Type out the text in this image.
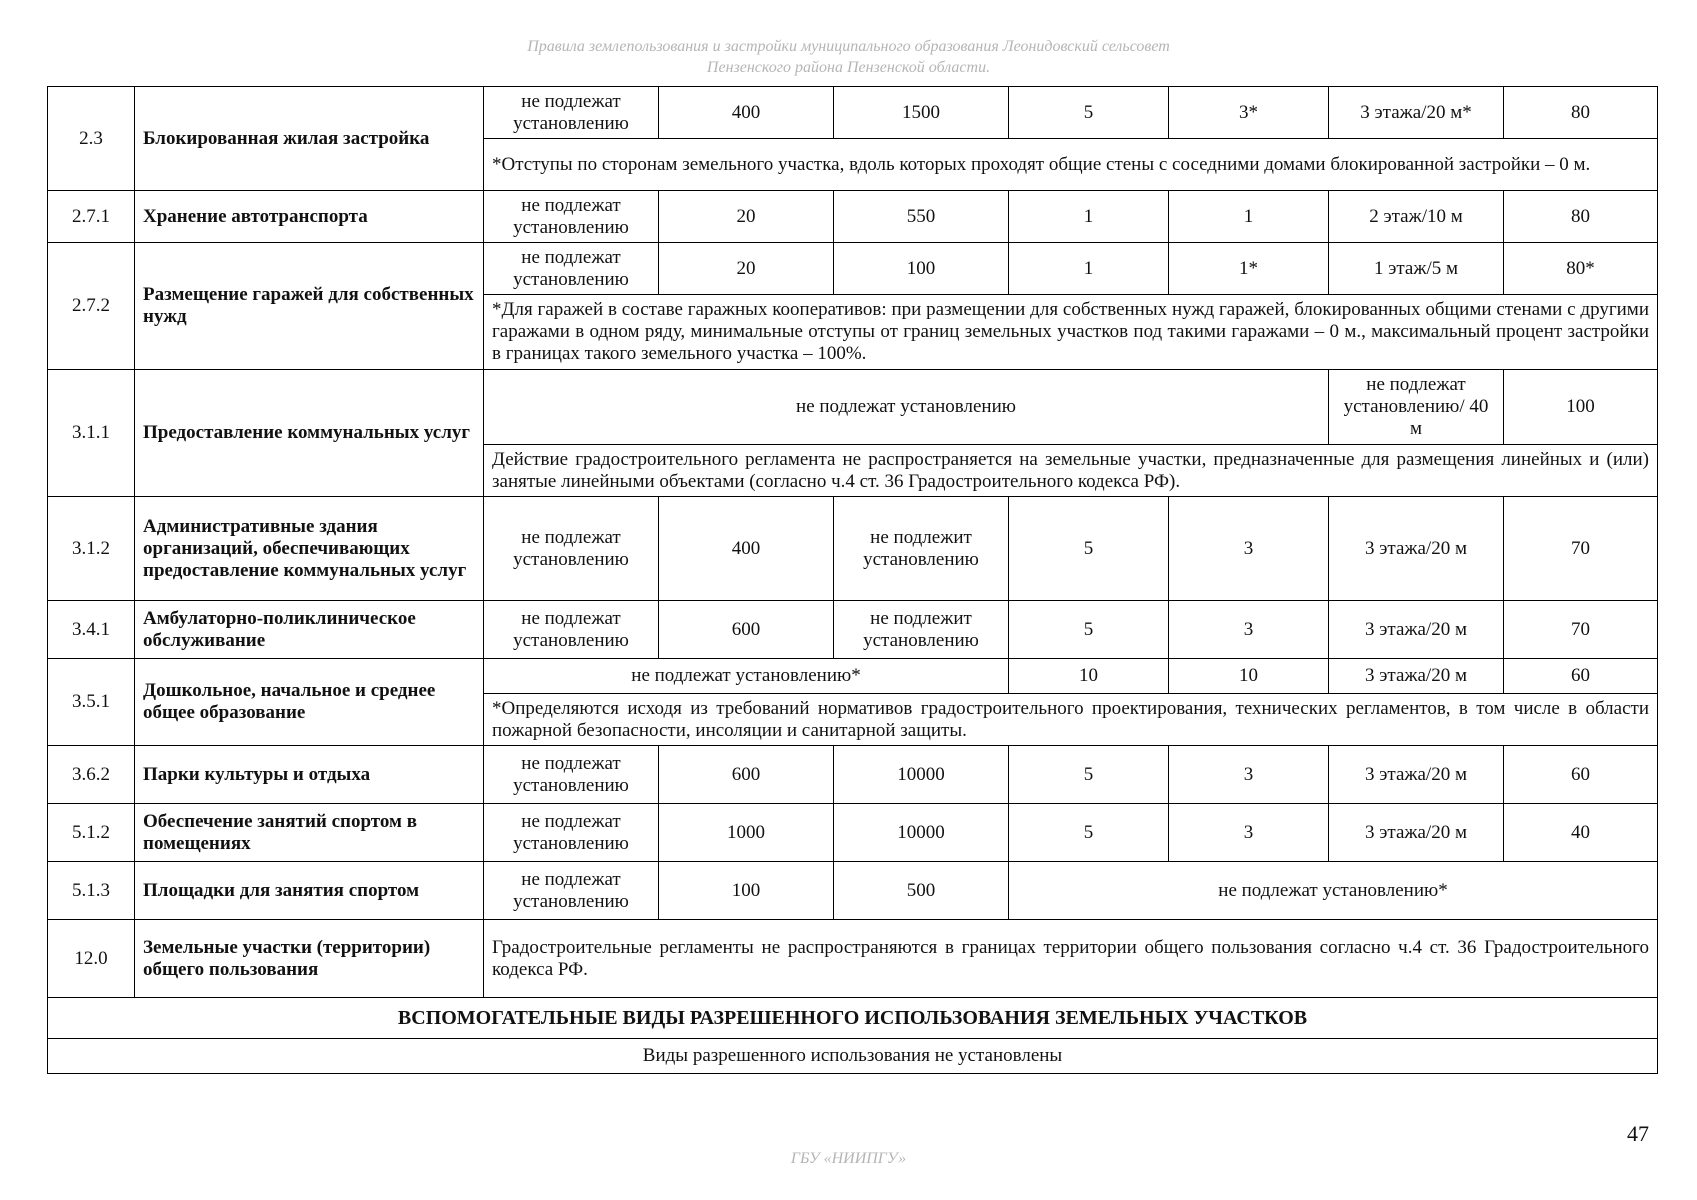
Правила землепользования и застройки муниципального образования Леонидовский сельсовет
Пензенского района Пензенской области.
2.3	Блокированная жилая застройка	не подлежат установлению	400	1500	5	3*	3 этажа/20 м*	80
		*Отступы по сторонам земельного участка, вдоль которых проходят общие стены с соседними домами блокированной застройки – 0 м.						
2.7.1	Хранение автотранспорта	не подлежат установлению	20	550	1	1	2 этаж/10 м	80
2.7.2	Размещение гаражей для собственных нужд	не подлежат установлению	20	100	1	1*	1 этаж/5 м	80*
		*Для гаражей в составе гаражных кооперативов: при размещении для собственных нужд гаражей, блокированных общими стенами с другими гаражами в одном ряду, минимальные отступы от границ земельных участков под такими гаражами – 0 м., максимальный процент застройки в границах такого земельного участка – 100%.						
3.1.1	Предоставление коммунальных услуг	не подлежат установлению					не подлежат установлению/ 40 м	100
		Действие градостроительного регламента не распространяется на земельные участки, предназначенные для размещения линейных и (или) занятые линейными объектами (согласно ч.4 ст. 36 Градостроительного кодекса РФ).						
3.1.2	Административные здания организаций, обеспечивающих предоставление коммунальных услуг	не подлежат установлению	400	не подлежит установлению	5	3	3 этажа/20 м	70
3.4.1	Амбулаторно-поликлиническое обслуживание	не подлежат установлению	600	не подлежит установлению	5	3	3 этажа/20 м	70
3.5.1	Дошкольное, начальное и среднее общее образование	не подлежат установлению*			10	10	3 этажа/20 м	60
		*Определяются исходя из требований нормативов градостроительного проектирования, технических регламентов, в том числе в области пожарной безопасности, инсоляции и санитарной защиты.						
3.6.2	Парки культуры и отдыха	не подлежат установлению	600	10000	5	3	3 этажа/20 м	60
5.1.2	Обеспечение занятий спортом в помещениях	не подлежат установлению	1000	10000	5	3	3 этажа/20 м	40
5.1.3	Площадки для занятия спортом	не подлежат установлению	100	500	не подлежат установлению*			
12.0	Земельные участки (территории) общего пользования	Градостроительные регламенты не распространяются в границах территории общего пользования согласно ч.4 ст. 36 Градостроительного кодекса РФ.						
ВСПОМОГАТЕЛЬНЫЕ ВИДЫ РАЗРЕШЕННОГО ИСПОЛЬЗОВАНИЯ ЗЕМЕЛЬНЫХ УЧАСТКОВ								
Виды разрешенного использования не установлены								
47
ГБУ «НИИПГУ»
